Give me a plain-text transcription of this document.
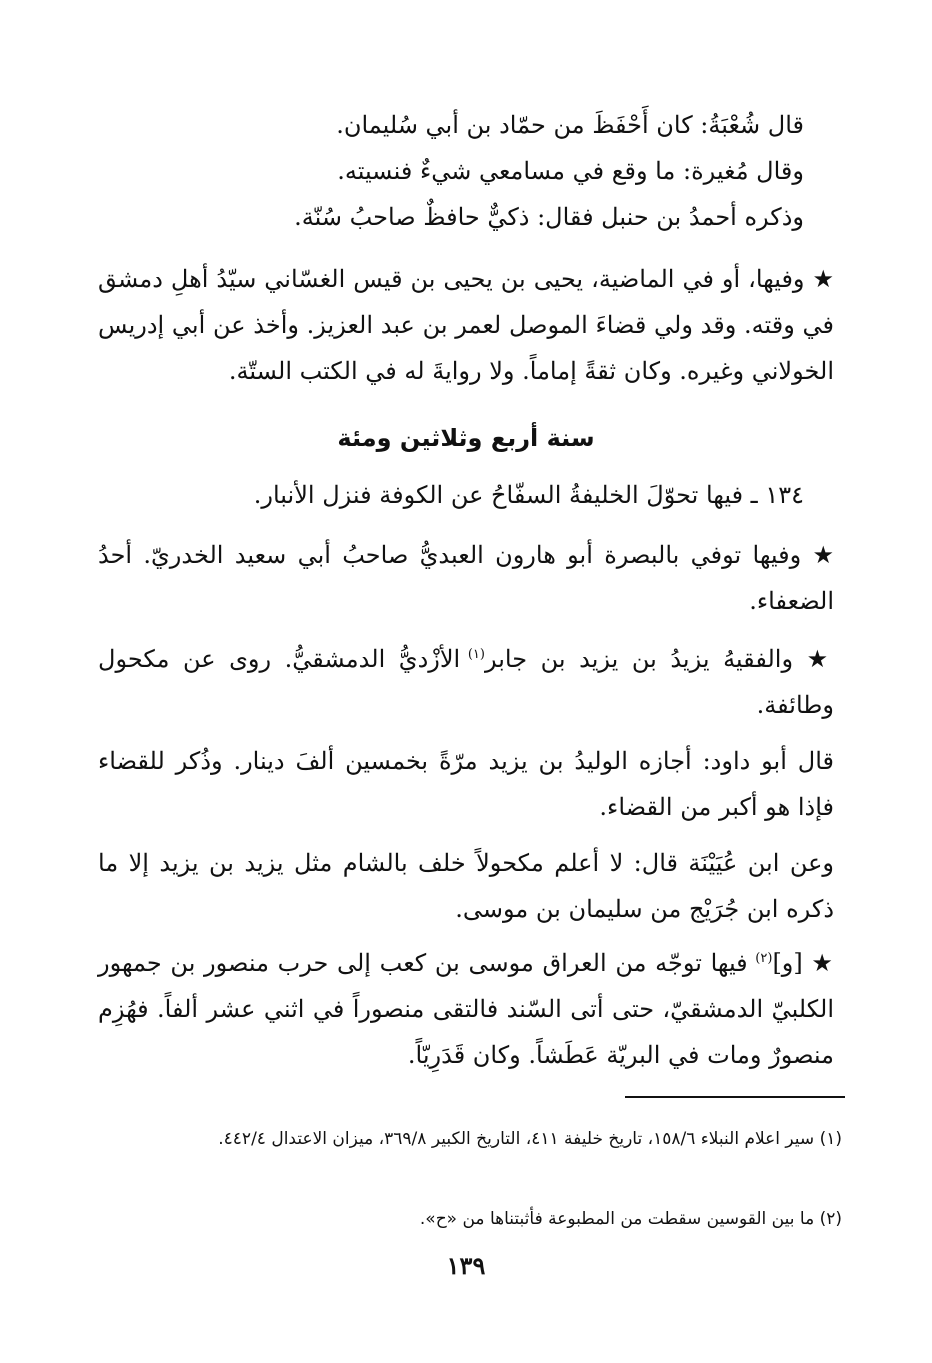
قال شُعْبَةُ: كان أَحْفَظَ من حمّاد بن أبي سُليمان.

وقال مُغيرة: ما وقع في مسامعي شيءٌ فنسيته.

وذكره أحمدُ بن حنبل فقال: ذكيٌّ حافظٌ صاحبُ سُنّة.

★ وفيها، أو في الماضية، يحيى بن يحيى بن قيس الغسّاني سيّدُ أهلِ دمشق في وقته. وقد ولي قضاءَ الموصل لعمر بن عبد العزيز. وأخذ عن أبي إدريس الخولاني وغيره. وكان ثقةً إماماً. ولا روايةَ له في الكتب الستّة.

سنة أربع وثلاثين ومئة

١٣٤ ـ فيها تحوّلَ الخليفةُ السفّاحُ عن الكوفة فنزل الأنبار.

★ وفيها توفي بالبصرة أبو هارون العبديُّ صاحبُ أبي سعيد الخدريّ. أحدُ الضعفاء.

★ والفقيهُ يزيدُ بن يزيد بن جابر$^{(١)}$ الأزْديُّ الدمشقيُّ. روى عن مكحول وطائفة.

قال أبو داود: أجازه الوليدُ بن يزيد مرّةً بخمسين ألفَ دينار. وذُكر للقضاء فإذا هو أكبر من القضاء.

وعن ابن عُيَيْنَة قال: لا أعلم مكحولاً خلف بالشام مثل يزيد بن يزيد إلا ما ذكره ابن جُرَيْج من سليمان بن موسى.

★ [و]$^{(٢)}$ فيها توجّه من العراق موسى بن كعب إلى حرب منصور بن جمهور الكلبيّ الدمشقيّ، حتى أتى السّند فالتقى منصوراً في اثني عشر ألفاً. فهُزِم منصورٌ ومات في البريّة عَطَشاً. وكان قَدَرِيّاً.

(١) سير اعلام النبلاء ١٥٨/٦، تاريخ خليفة ٤١١، التاريخ الكبير ٣٦٩/٨، ميزان الاعتدال ٤٤٢/٤.

(٢) ما بين القوسين سقطت من المطبوعة فأثبتناها من «ح».

١٣٩
